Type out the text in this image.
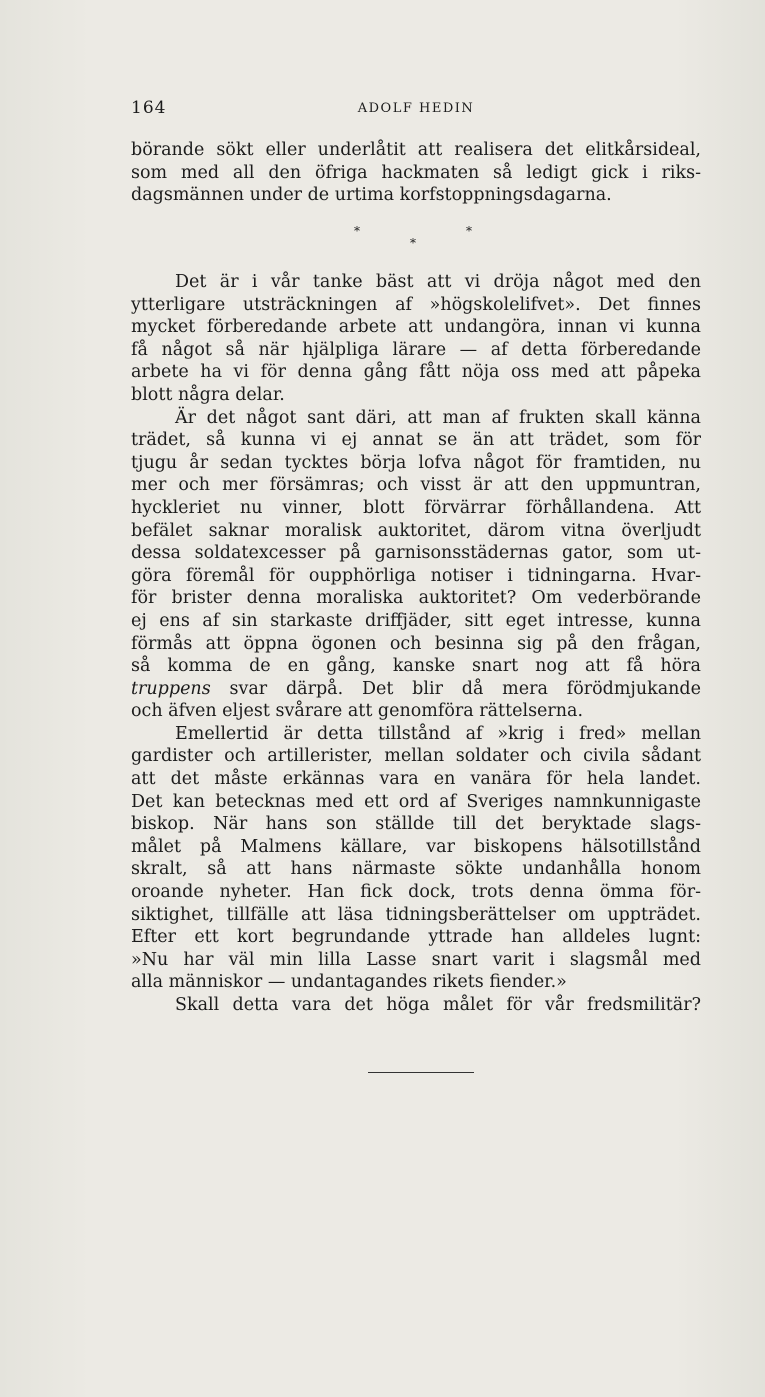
164	ADOLF HEDIN
börande sökt eller underlåtit att realisera det elitkårsideal,
som med all den öfriga hackmaten så ledigt gick i riks-
dagsmännen under de urtima korfstoppningsdagarna.
*
*
*
Det är i vår tanke bäst att vi dröja något med den
ytterligare utsträckningen af »högskolelifvet». Det finnes
mycket förberedande arbete att undangöra, innan vi kunna
få något så när hjälpliga lärare — af detta förberedande
arbete ha vi för denna gång fått nöja oss med att påpeka
blott några delar.
Är det något sant däri, att man af frukten skall känna
trädet, så kunna vi ej annat se än att trädet, som för
tjugu år sedan tycktes börja lofva något för framtiden, nu
mer och mer försämras; och visst är att den uppmuntran,
hyckleriet nu vinner, blott förvärrar förhållandena. Att
befälet saknar moralisk auktoritet, därom vitna överljudt
dessa soldatexcesser på garnisonsstädernas gator, som ut-
göra föremål för oupphörliga notiser i tidningarna. Hvar-
för brister denna moraliska auktoritet? Om vederbörande
ej ens af sin starkaste driffjäder, sitt eget intresse, kunna
förmås att öppna ögonen och besinna sig på den frågan,
så komma de en gång, kanske snart nog att få höra
truppens svar därpå. Det blir då mera förödmjukande
och äfven eljest svårare att genomföra rättelserna.
Emellertid är detta tillstånd af »krig i fred» mellan
gardister och artillerister, mellan soldater och civila sådant
att det måste erkännas vara en vanära för hela landet.
Det kan betecknas med ett ord af Sveriges namnkunnigaste
biskop. När hans son ställde till det beryktade slags-
målet på Malmens källare, var biskopens hälsotillstånd
skralt, så att hans närmaste sökte undanhålla honom
oroande nyheter. Han fick dock, trots denna ömma för-
siktighet, tillfälle att läsa tidningsberättelser om uppträdet.
Efter ett kort begrundande yttrade han alldeles lugnt:
»Nu har väl min lilla Lasse snart varit i slagsmål med
alla människor — undantagandes rikets fiender.»
Skall detta vara det höga målet för vår fredsmilitär?
